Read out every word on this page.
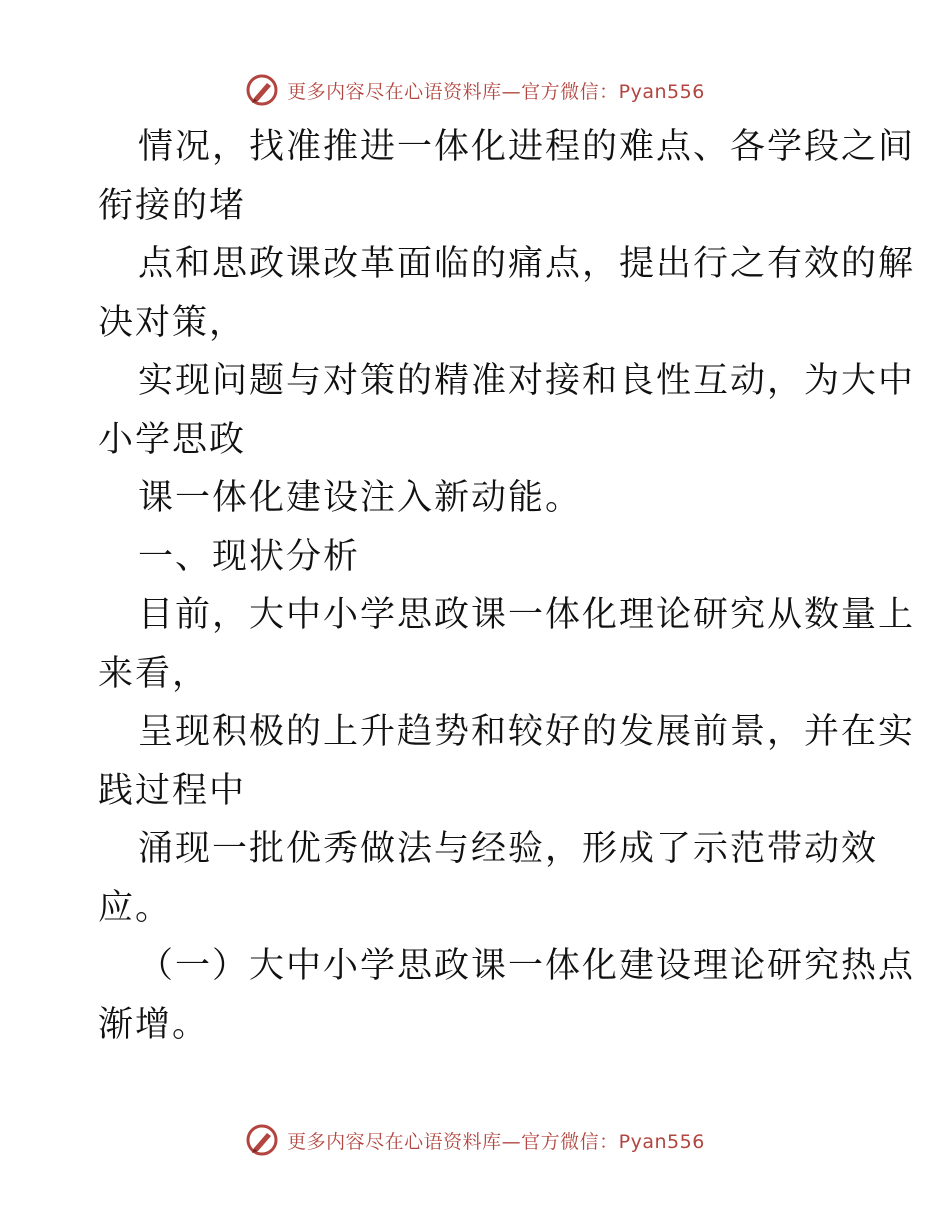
更多内容尽在心语资料库—官方微信：Pyan556
情况，找准推进一体化进程的难点、各学段之间
衔接的堵
点和思政课改革面临的痛点，提出行之有效的解
决对策，
实现问题与对策的精准对接和良性互动，为大中
小学思政
课一体化建设注入新动能。
一、现状分析
目前，大中小学思政课一体化理论研究从数量上
来看，
呈现积极的上升趋势和较好的发展前景，并在实
践过程中
涌现一批优秀做法与经验，形成了示范带动效
应。
（一）大中小学思政课一体化建设理论研究热点
渐增。
更多内容尽在心语资料库—官方微信：Pyan556
